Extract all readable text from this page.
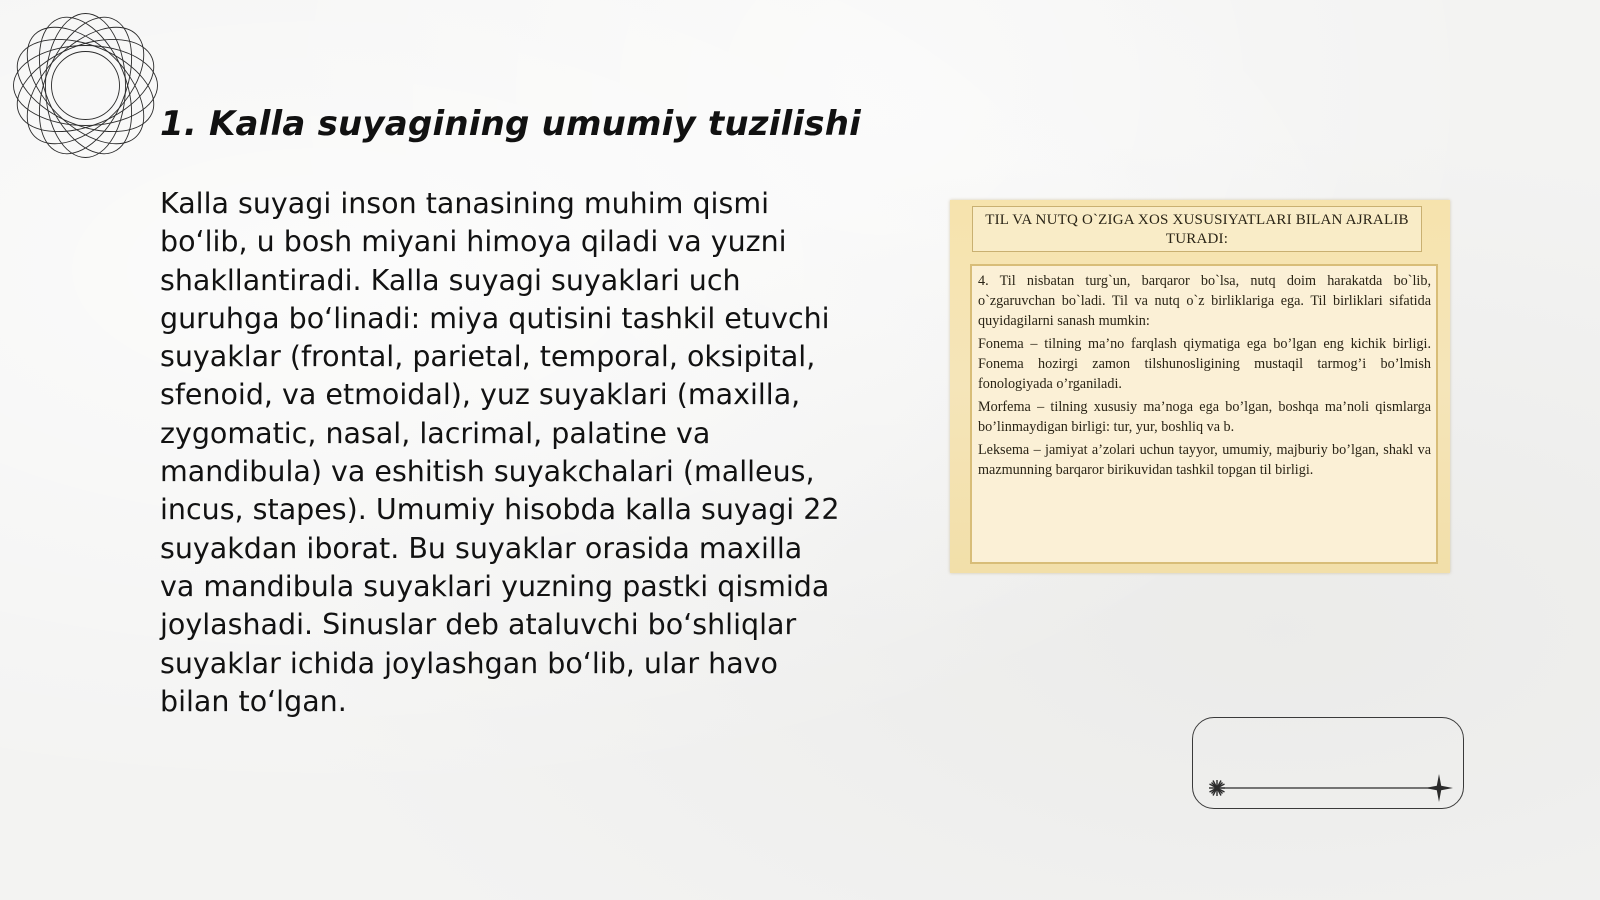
1. Kalla suyagining umumiy tuzilishi

Kalla suyagi inson tanasining muhim qismi bo‘lib, u bosh miyani himoya qiladi va yuzni shakllantiradi. Kalla suyagi suyaklari uch guruhga bo‘linadi: miya qutisini tashkil etuvchi suyaklar (frontal, parietal, temporal, oksipital, sfenoid, va etmoidal), yuz suyaklari (maxilla, zygomatic, nasal, lacrimal, palatine va mandibula) va eshitish suyakchalari (malleus, incus, stapes). Umumiy hisobda kalla suyagi 22 suyakdan iborat. Bu suyaklar orasida maxilla va mandibula suyaklari yuzning pastki qismida joylashadi. Sinuslar deb ataluvchi bo‘shliqlar suyaklar ichida joylashgan bo‘lib, ular havo bilan to‘lgan.

TIL VA NUTQ O`ZIGA XOS XUSUSIYATLARI BILAN AJRALIB TURADI:

4. Til nisbatan turg`un, barqaror bo`lsa, nutq doim harakatda bo`lib, o`zgaruvchan bo`ladi. Til va nutq o`z birliklariga ega. Til birliklari sifatida quyidagilarni sanash mumkin:

Fonema – tilning ma’no farqlash qiymatiga ega bo’lgan eng kichik birligi. Fonema hozirgi zamon tilshunosligining mustaqil tarmog’i bo’lmish fonologiyada o’rganiladi.

Morfema – tilning xususiy ma’noga ega bo’lgan, boshqa ma’noli qismlarga bo’linmaydigan birligi: tur, yur, boshliq va b.

Leksema – jamiyat a’zolari uchun tayyor, umumiy, majburiy bo’lgan, shakl va mazmunning barqaror birikuvidan tashkil topgan til birligi.
